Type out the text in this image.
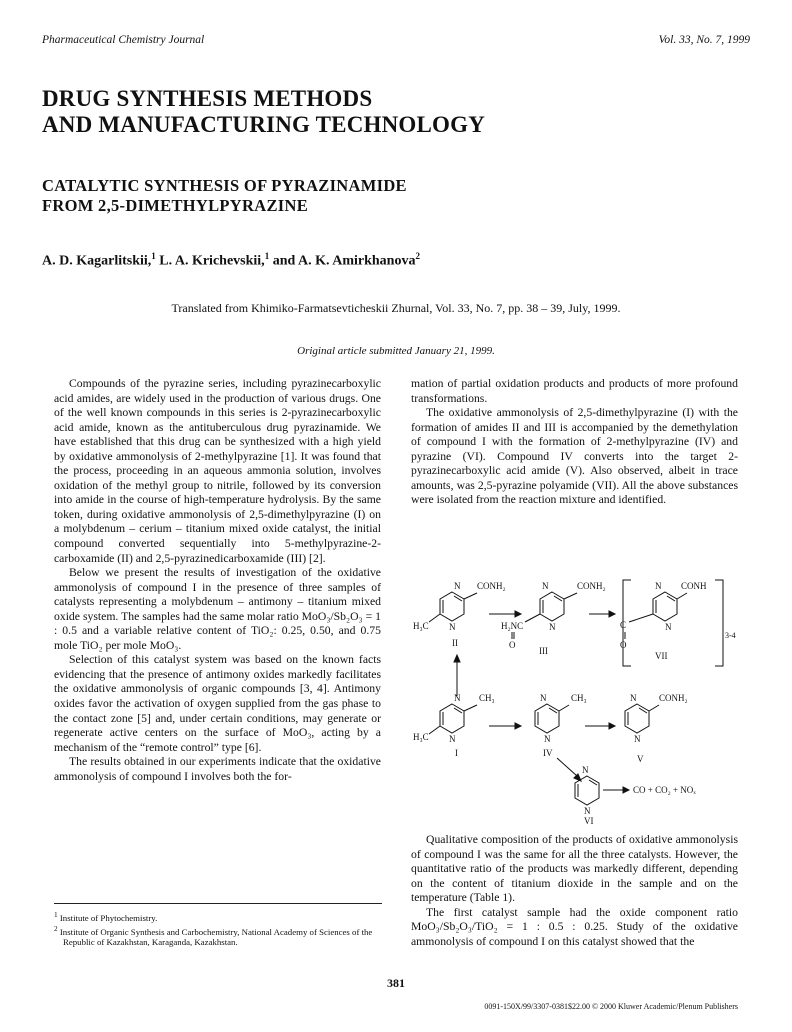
Pharmaceutical Chemistry Journal	Vol. 33, No. 7, 1999
DRUG SYNTHESIS METHODS
AND MANUFACTURING TECHNOLOGY
CATALYTIC SYNTHESIS OF PYRAZINAMIDE
FROM 2,5-DIMETHYLPYRAZINE
A. D. Kagarlitskii,$^1$ L. A. Krichevskii,$^1$ and A. K. Amirkhanova$^2$
Translated from Khimiko-Farmatsevticheskii Zhurnal, Vol. 33, No. 7, pp. 38 – 39, July, 1999.
Original article submitted January 21, 1999.

Compounds of the pyrazine series, including pyrazinecarboxylic acid amides, are widely used in the production of various drugs. One of the well known compounds in this series is 2-pyrazinecarboxylic acid amide, known as the antituberculous drug pyrazinamide. We have established that this drug can be synthesized with a high yield by oxidative ammonolysis of 2-methylpyrazine [1]. It was found that the process, proceeding in an aqueous ammonia solution, involves oxidation of the methyl group to nitrile, followed by its conversion into amide in the course of high-temperature hydrolysis. By the same token, during oxidative ammonolysis of 2,5-dimethylpyrazine (I) on a molybdenum – cerium – titanium mixed oxide catalyst, the initial compound converted sequentially into 5-methylpyrazine-2-carboxamide (II) and 2,5-pyrazinedicarboxamide (III) [2].

Below we present the results of investigation of the oxidative ammonolysis of compound I in the presence of three samples of catalysts representing a molybdenum – antimony – titanium mixed oxide system. The samples had the same molar ratio MoO₃/Sb₂O₃ = 1 : 0.5 and a variable relative content of TiO₂: 0.25, 0.50, and 0.75 mole TiO₂ per mole MoO₃.

Selection of this catalyst system was based on the known facts evidencing that the presence of antimony oxides markedly facilitates the oxidative ammonolysis of organic compounds [3, 4]. Antimony oxides favor the activation of oxygen supplied from the gas phase to the contact zone [5] and, under certain conditions, may generate or regenerate active centers on the surface of MoO₃, acting by a mechanism of the “remote control” type [6].

The results obtained in our experiments indicate that the oxidative ammonolysis of compound I involves both the for-

mation of partial oxidation products and products of more profound transformations.

The oxidative ammonolysis of 2,5-dimethylpyrazine (I) with the formation of amides II and III is accompanied by the demethylation of compound I with the formation of 2-methylpyrazine (IV) and pyrazine (VI). Compound IV converts into the target 2-pyrazinecarboxylic acid amide (V). Also observed, albeit in trace amounts, was 2,5-pyrazine polyamide (VII). All the above substances were isolated from the reaction mixture and identified.

N
N
CONH₂
H₃C
II
N
N
CONH₂
H₂NC
O
III
N
N
CONH
C
O
3-4
VII
N
N
CH₃
H₃C
I
N
N
CH₃
IV
N
N
CONH₂
V
N
N
VI
CO + CO₂ + NOₓ

Qualitative composition of the products of oxidative ammonolysis of compound I was the same for all the three catalysts. However, the quantitative ratio of the products was markedly different, depending on the content of titanium dioxide in the sample and on the temperature (Table 1).

The first catalyst sample had the oxide component ratio MoO₃/Sb₂O₃/TiO₂ = 1 : 0.5 : 0.25. Study of the oxidative ammonolysis of compound I on this catalyst showed that the

$^1$ Institute of Phytochemistry.
$^2$ Institute of Organic Synthesis and Carbochemistry, National Academy of Sciences of the Republic of Kazakhstan, Karaganda, Kazakhstan.
381
0091-150X/99/3307-0381$22.00 © 2000 Kluwer Academic/Plenum Publishers
